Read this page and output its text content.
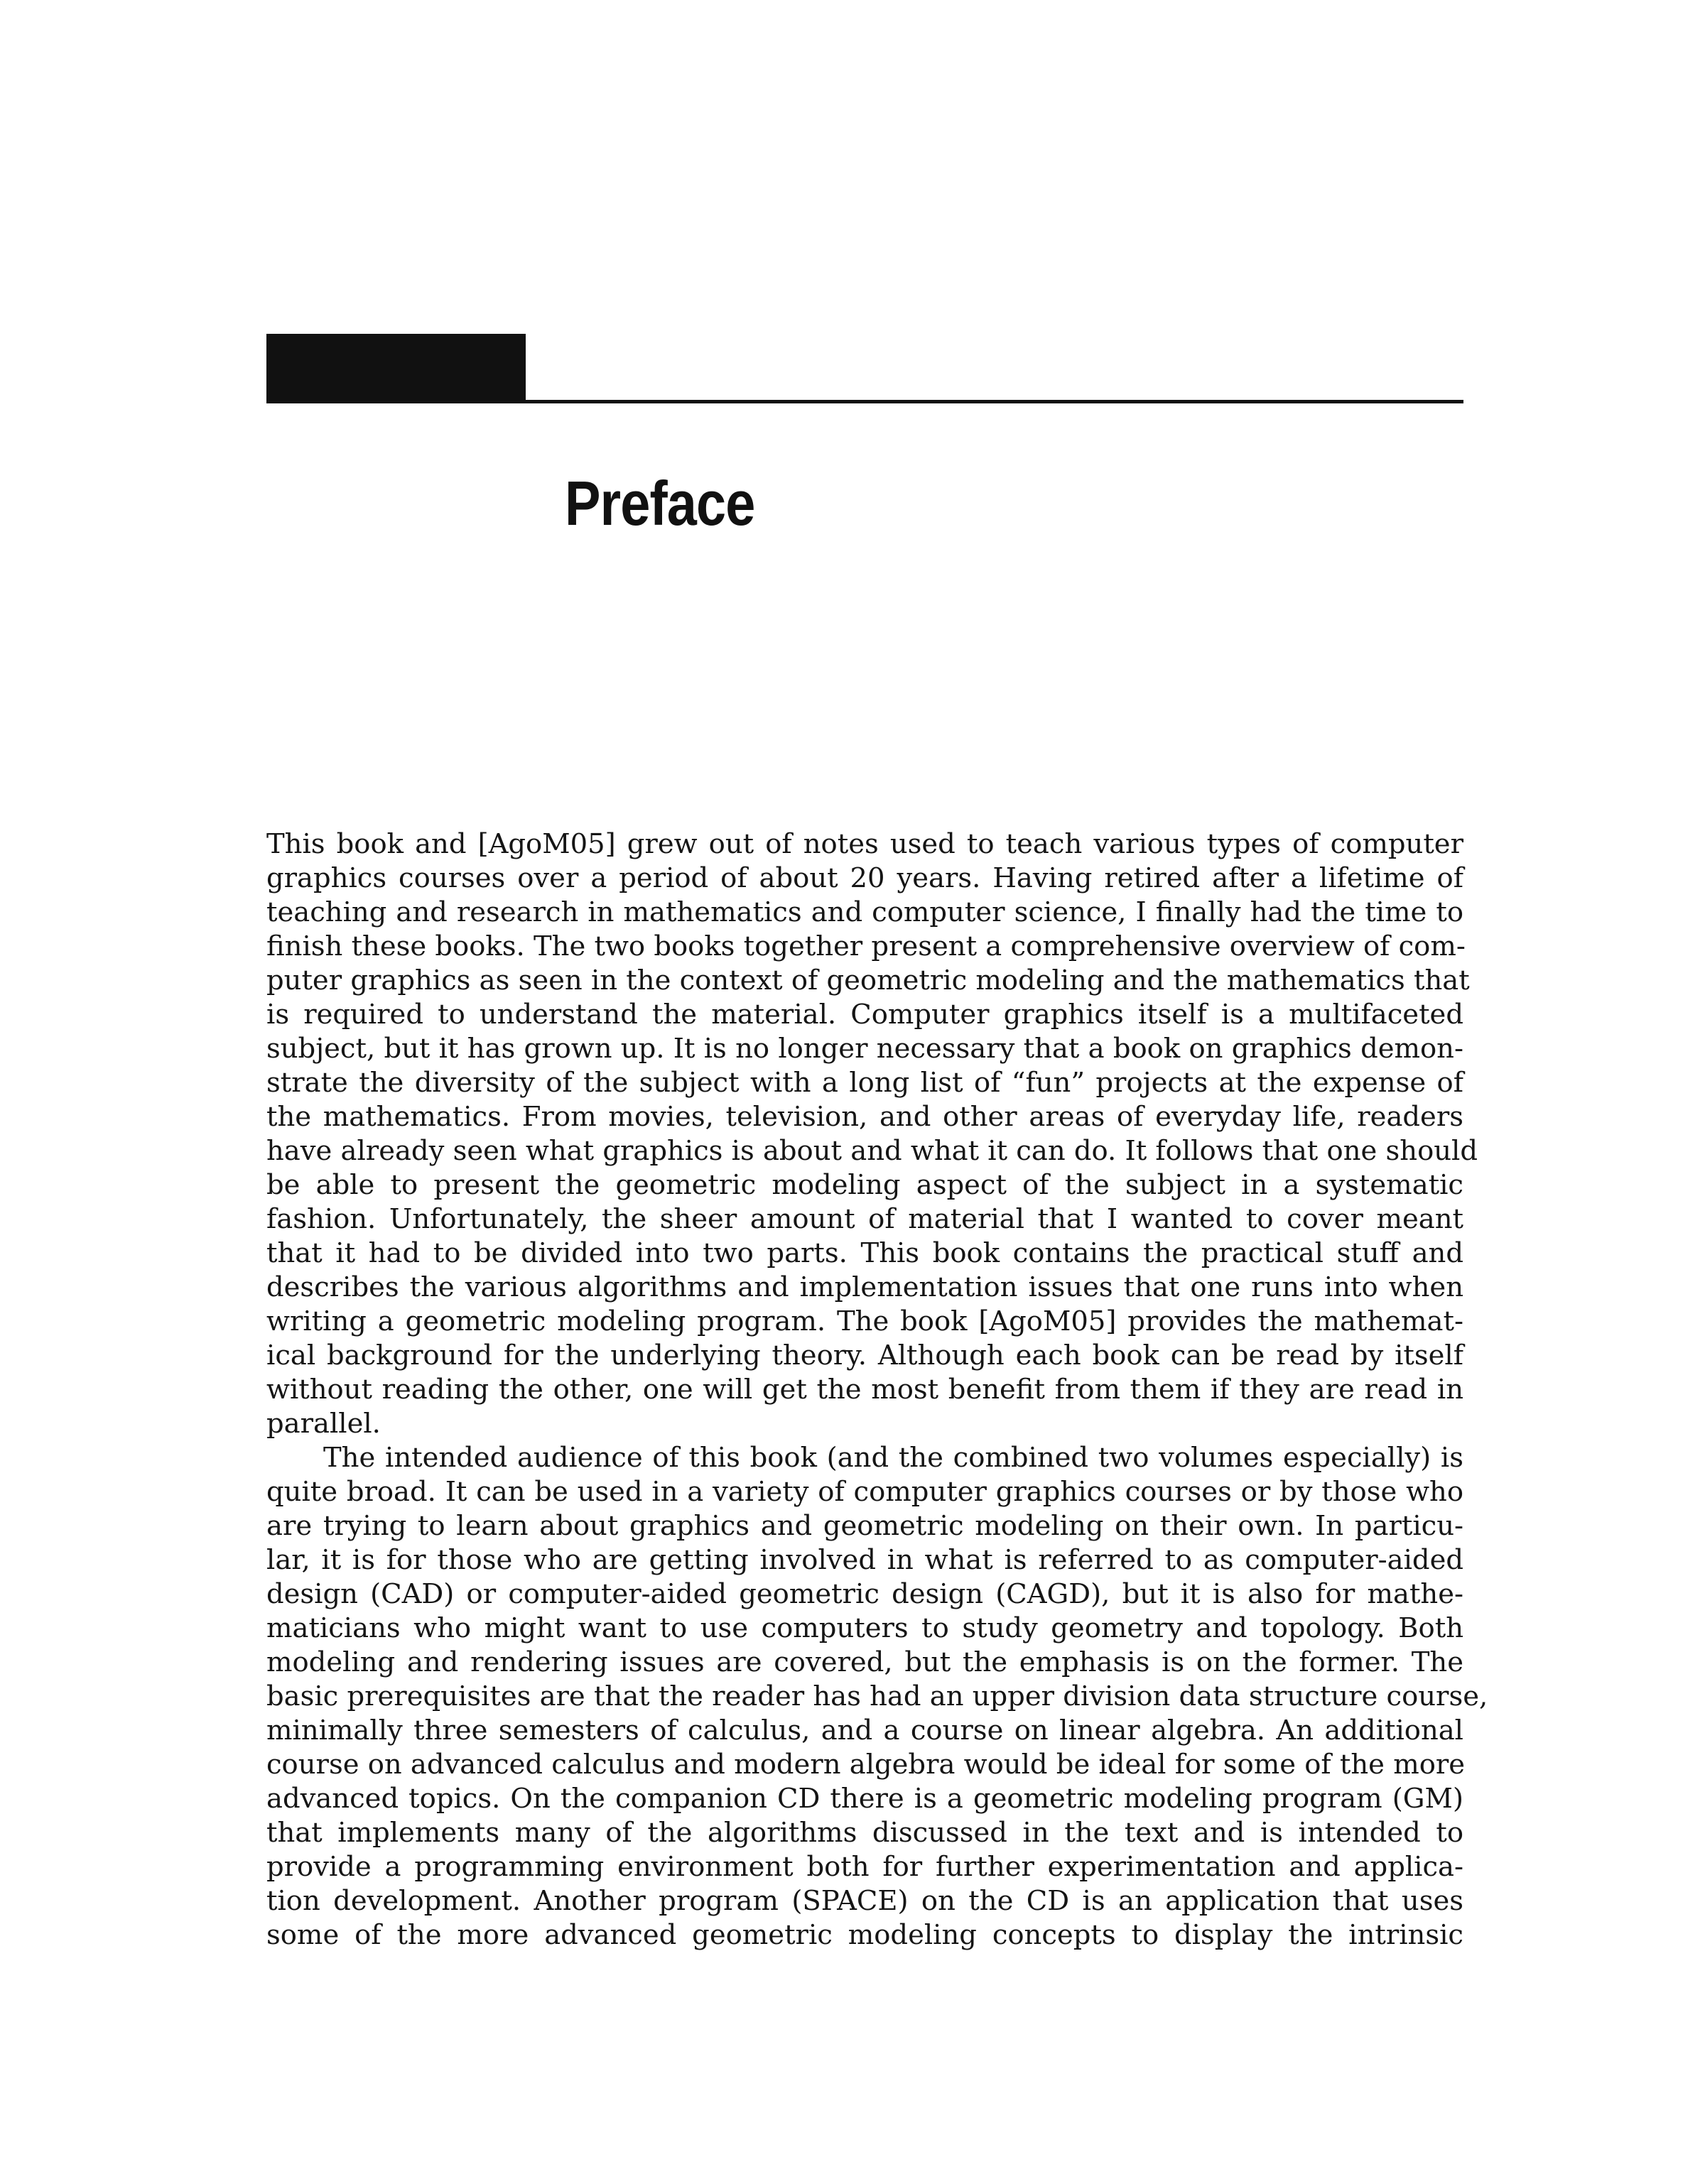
Preface
This book and [AgoM05] grew out of notes used to teach various types of computer
graphics courses over a period of about 20 years. Having retired after a lifetime of
teaching and research in mathematics and computer science, I finally had the time to
finish these books. The two books together present a comprehensive overview of com-
puter graphics as seen in the context of geometric modeling and the mathematics that
is required to understand the material. Computer graphics itself is a multifaceted
subject, but it has grown up. It is no longer necessary that a book on graphics demon-
strate the diversity of the subject with a long list of “fun” projects at the expense of
the mathematics. From movies, television, and other areas of everyday life, readers
have already seen what graphics is about and what it can do. It follows that one should
be able to present the geometric modeling aspect of the subject in a systematic
fashion. Unfortunately, the sheer amount of material that I wanted to cover meant
that it had to be divided into two parts. This book contains the practical stuff and
describes the various algorithms and implementation issues that one runs into when
writing a geometric modeling program. The book [AgoM05] provides the mathemat-
ical background for the underlying theory. Although each book can be read by itself
without reading the other, one will get the most benefit from them if they are read in
parallel.
The intended audience of this book (and the combined two volumes especially) is
quite broad. It can be used in a variety of computer graphics courses or by those who
are trying to learn about graphics and geometric modeling on their own. In particu-
lar, it is for those who are getting involved in what is referred to as computer-aided
design (CAD) or computer-aided geometric design (CAGD), but it is also for mathe-
maticians who might want to use computers to study geometry and topology. Both
modeling and rendering issues are covered, but the emphasis is on the former. The
basic prerequisites are that the reader has had an upper division data structure course,
minimally three semesters of calculus, and a course on linear algebra. An additional
course on advanced calculus and modern algebra would be ideal for some of the more
advanced topics. On the companion CD there is a geometric modeling program (GM)
that implements many of the algorithms discussed in the text and is intended to
provide a programming environment both for further experimentation and applica-
tion development. Another program (SPACE) on the CD is an application that uses
some of the more advanced geometric modeling concepts to display the intrinsic
